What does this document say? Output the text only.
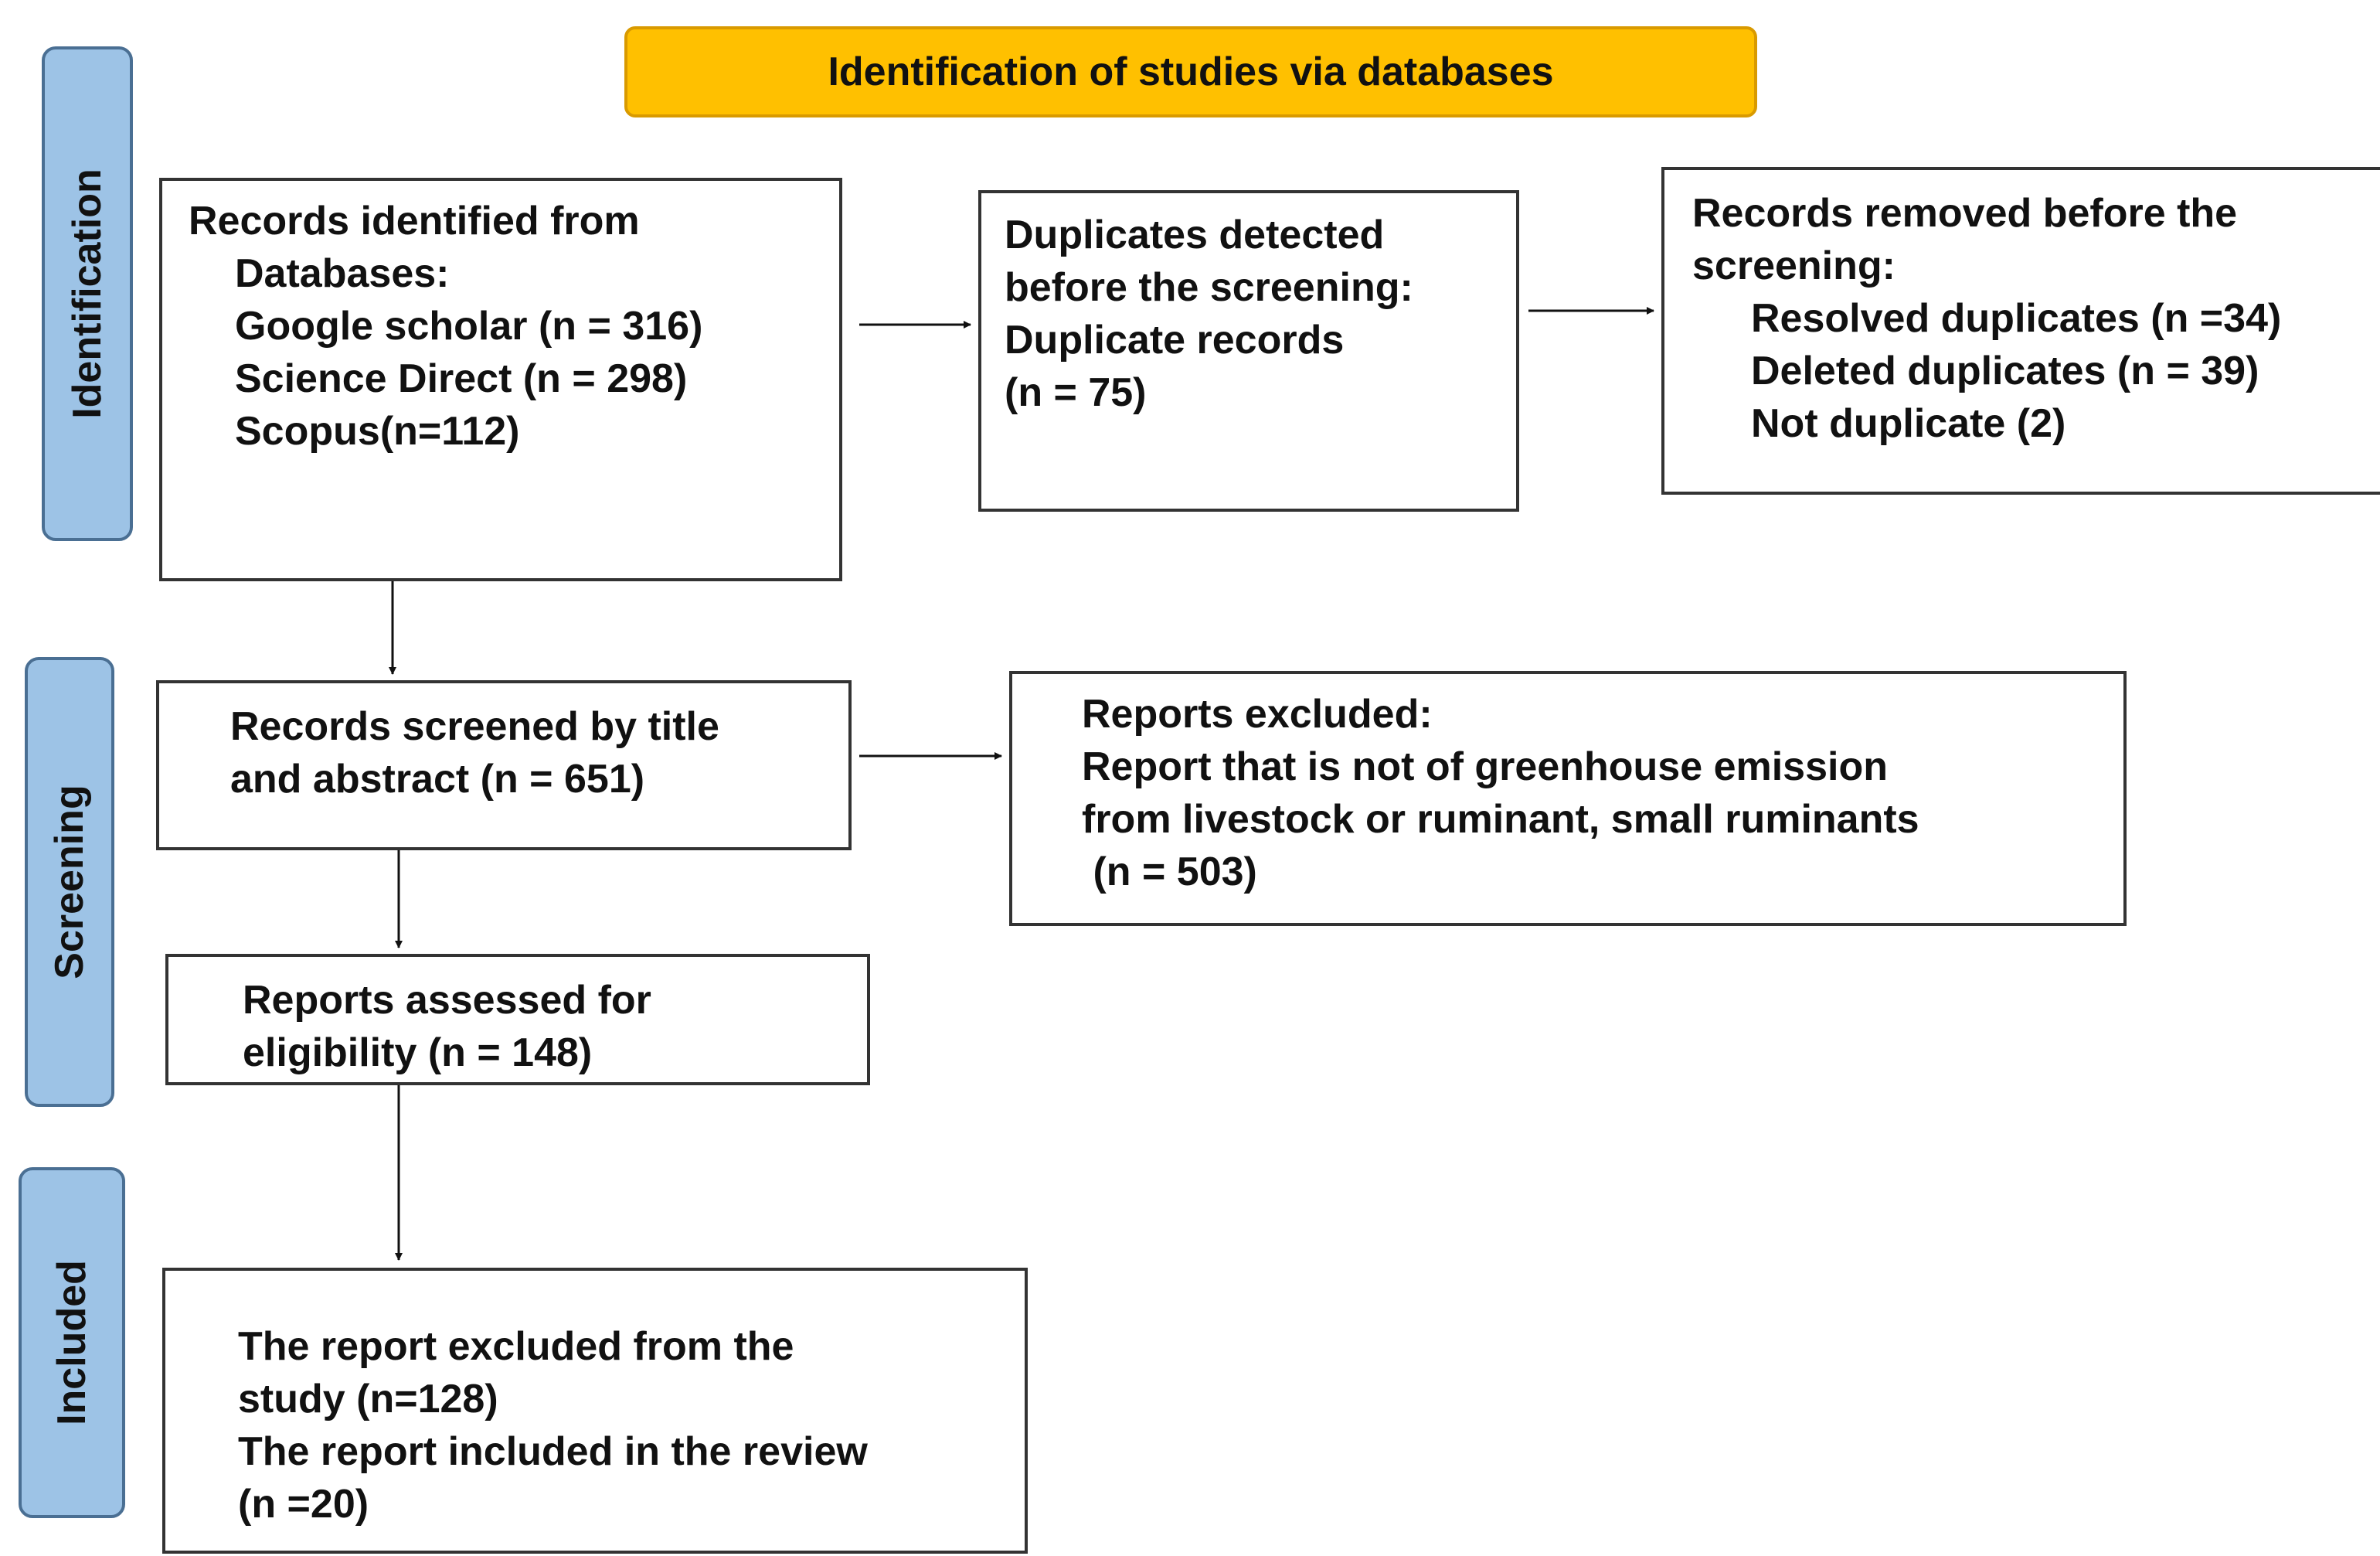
Identification
Screening
Included
Identification of studies via databases
Records identified from
Databases:
Google scholar (n = 316)
Science Direct (n = 298)
Scopus(n=112)
Duplicates detected
before the screening:
Duplicate records
(n = 75)
Records removed before the
screening:
Resolved duplicates (n =34)
Deleted duplicates (n = 39)
Not duplicate (2)
Records screened by title
and abstract (n = 651)
Reports excluded:
Report that is not of greenhouse emission
from livestock or ruminant, small ruminants
(n = 503)
Reports assessed for
eligibility (n = 148)
The report excluded from the
study (n=128)
The report included in the review
(n =20)
